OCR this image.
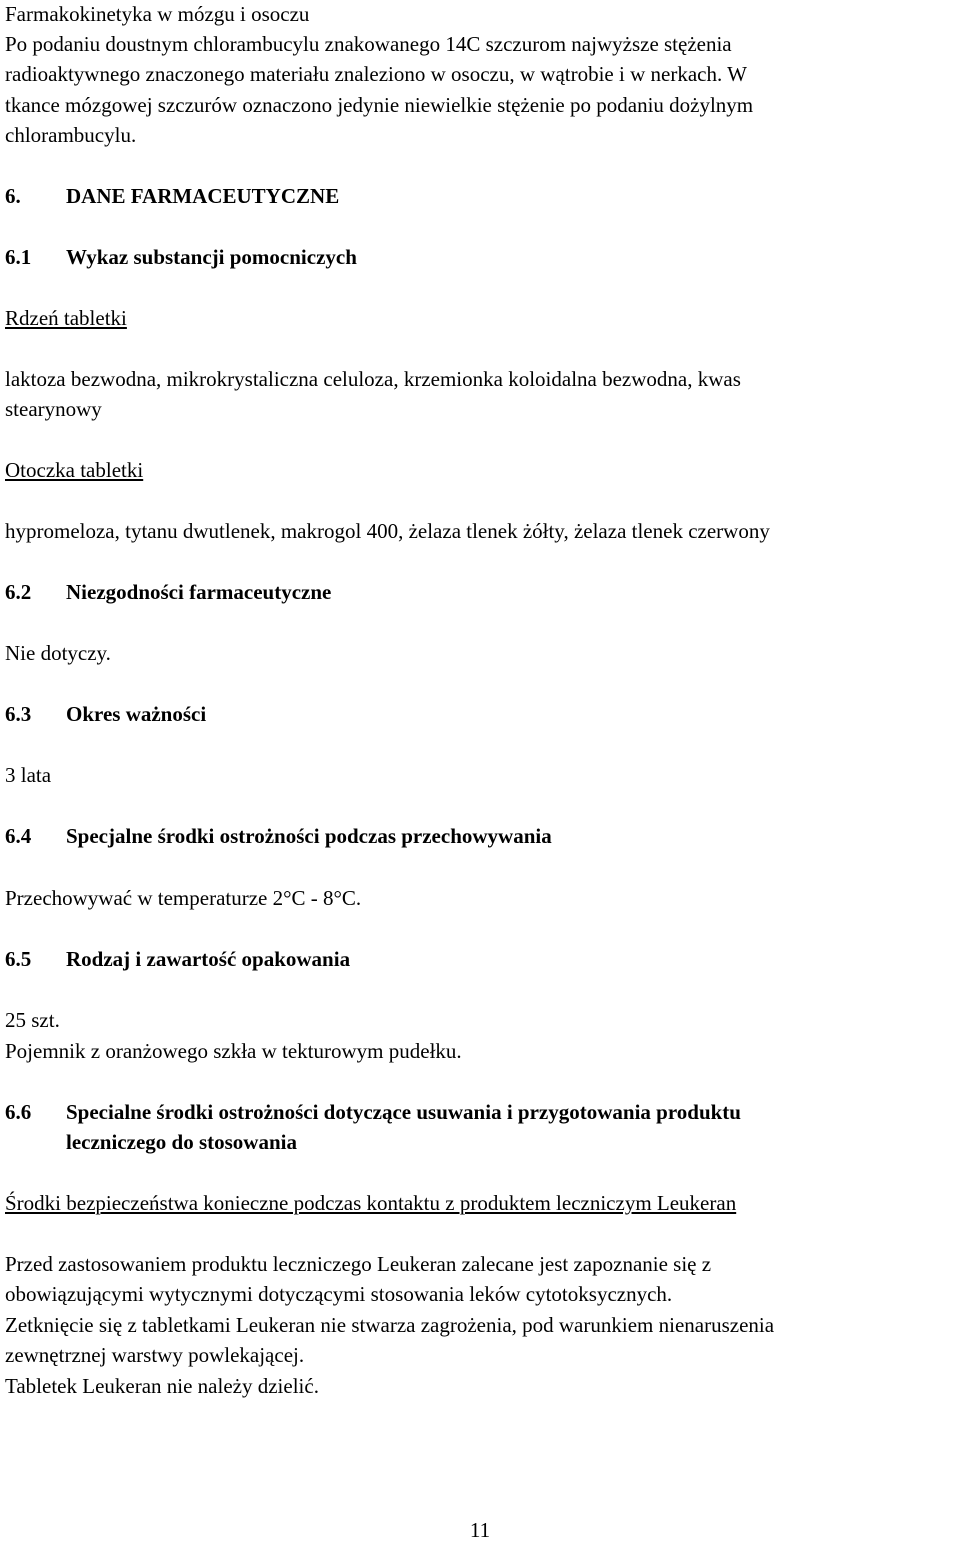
Farmakokinetyka w mózgu i osoczu
Po podaniu doustnym chlorambucylu znakowanego 14C szczurom najwyższe stężenia
radioaktywnego znaczonego materiału znaleziono w osoczu, w wątrobie i w nerkach. W
tkance mózgowej szczurów oznaczono jedynie niewielkie stężenie po podaniu dożylnym
chlorambucylu.
6. DANE FARMACEUTYCZNE
6.1 Wykaz substancji pomocniczych
Rdzeń tabletki
laktoza bezwodna, mikrokrystaliczna celuloza, krzemionka koloidalna bezwodna, kwas
stearynowy
Otoczka tabletki
hypromeloza, tytanu dwutlenek, makrogol 400, żelaza tlenek żółty, żelaza tlenek czerwony
6.2 Niezgodności farmaceutyczne
Nie dotyczy.
6.3 Okres ważności
3 lata
6.4 Specjalne środki ostrożności podczas przechowywania
Przechowywać w temperaturze 2°C - 8°C.
6.5 Rodzaj i zawartość opakowania
25 szt.
Pojemnik z oranżowego szkła w tekturowym pudełku.
6.6 Specialne środki ostrożności dotyczące usuwania i przygotowania produktu
leczniczego do stosowania
Środki bezpieczeństwa konieczne podczas kontaktu z produktem leczniczym Leukeran
Przed zastosowaniem produktu leczniczego Leukeran zalecane jest zapoznanie się z
obowiązującymi wytycznymi dotyczącymi stosowania leków cytotoksycznych.
Zetknięcie się z tabletkami Leukeran nie stwarza zagrożenia, pod warunkiem nienaruszenia
zewnętrznej warstwy powlekającej.
Tabletek Leukeran nie należy dzielić.
11
